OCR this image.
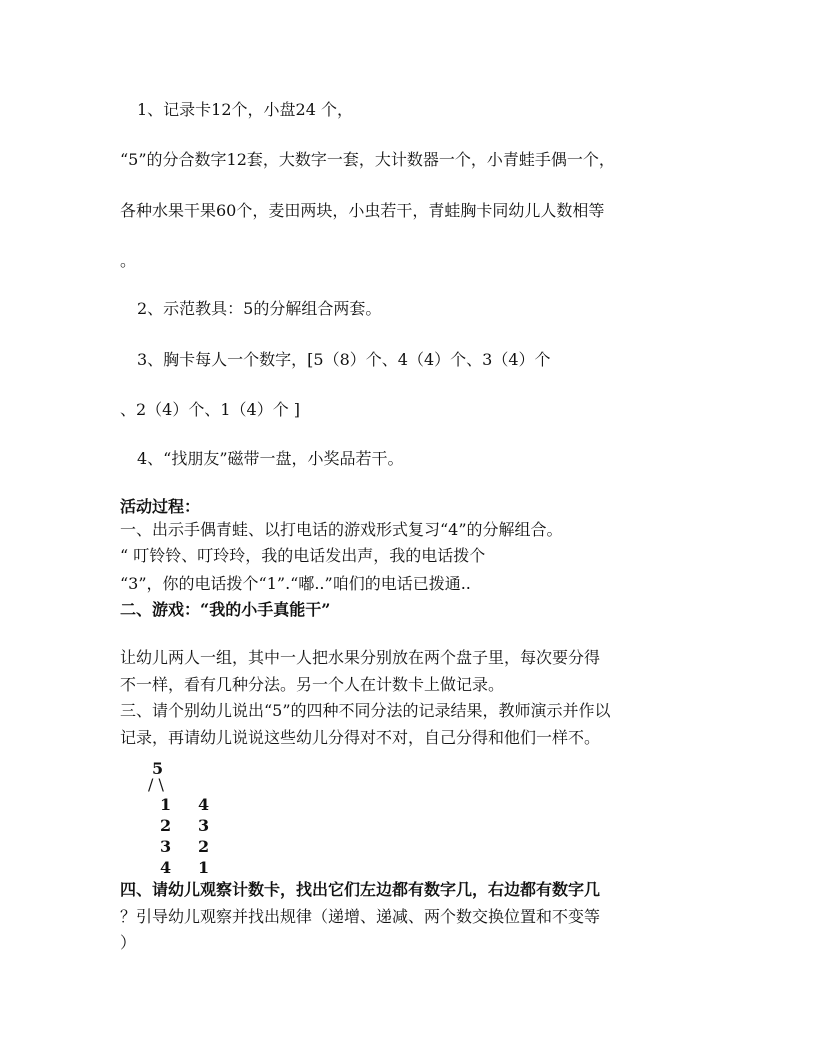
1、记录卡12个，小盘24 个，
“5”的分合数字12套，大数字一套，大计数器一个，小青蛙手偶一个，
各种水果干果60个，麦田两块，小虫若干，青蛙胸卡同幼儿人数相等
。
2、示范教具：5的分解组合两套。
3、胸卡每人一个数字，[5（8）个、4（4）个、3（4）个
、2（4）个、1（4）个 ]
4、“找朋友”磁带一盘，小奖品若干。
活动过程：
一、出示手偶青蛙、以打电话的游戏形式复习“4”的分解组合。
“ 叮铃铃、叮玲玲，我的电话发出声，我的电话拨个
“3”，你的电话拨个“1”.“嘟..”咱们的电话已拨通..
二、游戏：“我的小手真能干”
让幼儿两人一组，其中一人把水果分别放在两个盘子里，每次要分得
不一样，看有几种分法。另一个人在计数卡上做记录。
三、请个别幼儿说出“5”的四种不同分法的记录结果，教师演示并作以
记录，再请幼儿说说这些幼儿分得对不对，自己分得和他们一样不。
5
/ \
1 4
2 3
3 2
4 1
四、请幼儿观察计数卡，找出它们左边都有数字几，右边都有数字几
？引导幼儿观察并找出规律（递增、递减、两个数交换位置和不变等
）
